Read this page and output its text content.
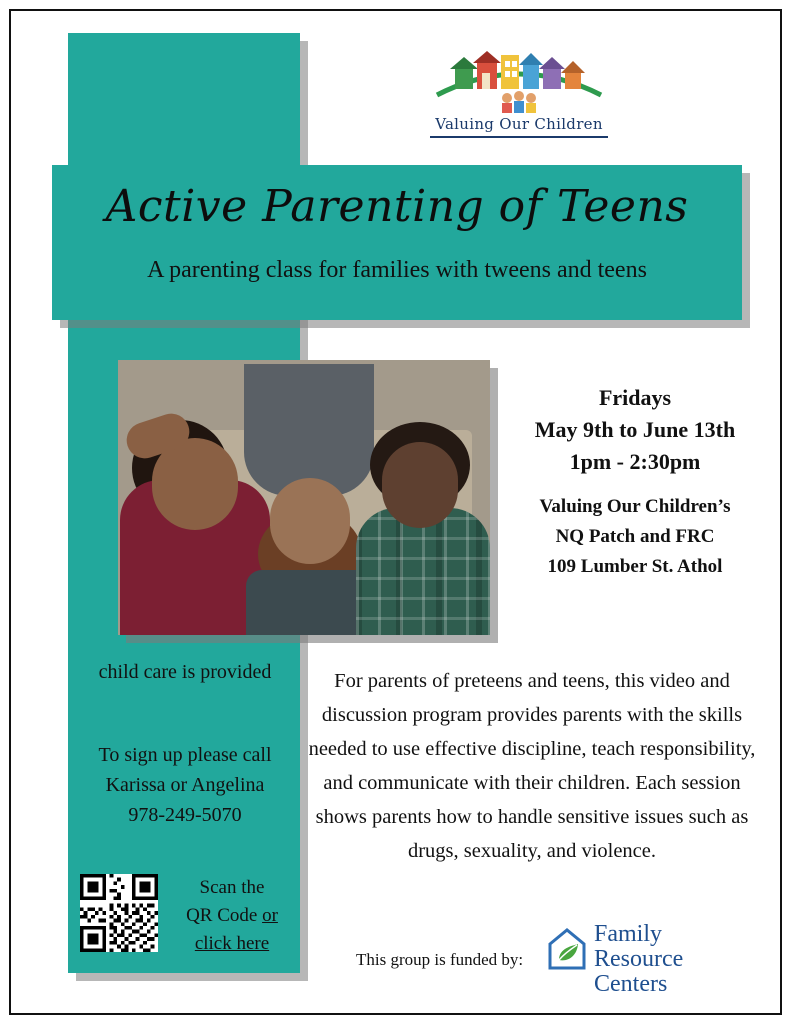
Valuing Our Children
Active Parenting of Teens
A parenting class for families with tweens and teens
Fridays
May 9th to June 13th
1pm - 2:30pm
Valuing Our Children’s
NQ Patch and FRC
109 Lumber St. Athol
child care is provided
To sign up please call Karissa or Angelina
978-249-5070
Scan the
QR Code or
click here
For parents of preteens and teens, this video and discussion program provides parents with the skills needed to use effective discipline, teach responsibility, and communicate with their children. Each session shows parents how to handle sensitive issues such as drugs, sexuality, and violence.
This group is funded by:
Family
Resource Centers
